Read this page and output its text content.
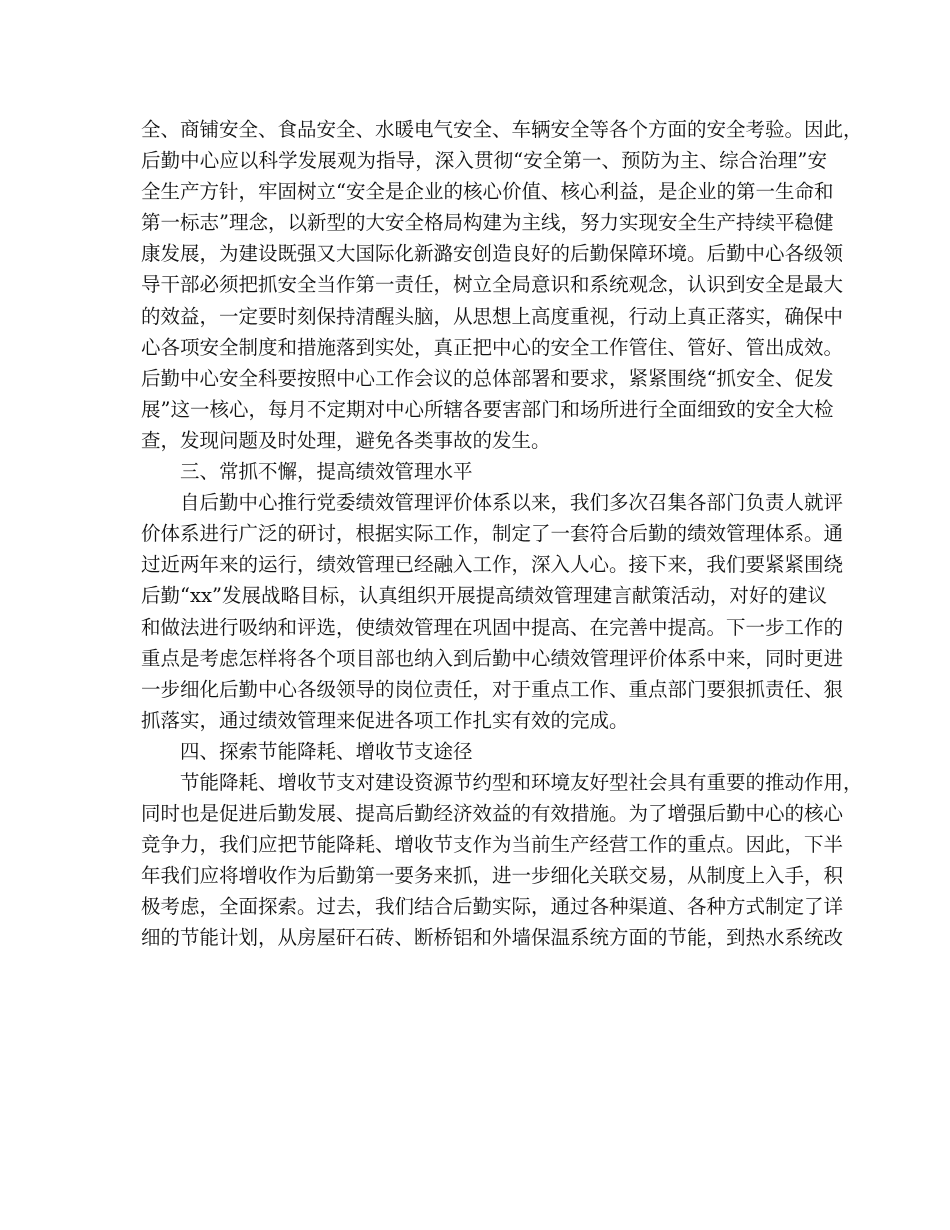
全、商铺安全、食品安全、水暖电气安全、车辆安全等各个方面的安全考验。因此，
后勤中心应以科学发展观为指导，深入贯彻“安全第一、预防为主、综合治理”安
全生产方针，牢固树立“安全是企业的核心价值、核心利益，是企业的第一生命和
第一标志”理念，以新型的大安全格局构建为主线，努力实现安全生产持续平稳健
康发展，为建设既强又大国际化新潞安创造良好的后勤保障环境。后勤中心各级领
导干部必须把抓安全当作第一责任，树立全局意识和系统观念，认识到安全是最大
的效益，一定要时刻保持清醒头脑，从思想上高度重视，行动上真正落实，确保中
心各项安全制度和措施落到实处，真正把中心的安全工作管住、管好、管出成效。
后勤中心安全科要按照中心工作会议的总体部署和要求，紧紧围绕“抓安全、促发
展”这一核心，每月不定期对中心所辖各要害部门和场所进行全面细致的安全大检
查，发现问题及时处理，避免各类事故的发生。
三、常抓不懈，提高绩效管理水平
自后勤中心推行党委绩效管理评价体系以来，我们多次召集各部门负责人就评
价体系进行广泛的研讨，根据实际工作，制定了一套符合后勤的绩效管理体系。通
过近两年来的运行，绩效管理已经融入工作，深入人心。接下来，我们要紧紧围绕
后勤“xx”发展战略目标，认真组织开展提高绩效管理建言献策活动，对好的建议
和做法进行吸纳和评选，使绩效管理在巩固中提高、在完善中提高。下一步工作的
重点是考虑怎样将各个项目部也纳入到后勤中心绩效管理评价体系中来，同时更进
一步细化后勤中心各级领导的岗位责任，对于重点工作、重点部门要狠抓责任、狠
抓落实，通过绩效管理来促进各项工作扎实有效的完成。
四、探索节能降耗、增收节支途径
节能降耗、增收节支对建设资源节约型和环境友好型社会具有重要的推动作用，
同时也是促进后勤发展、提高后勤经济效益的有效措施。为了增强后勤中心的核心
竞争力，我们应把节能降耗、增收节支作为当前生产经营工作的重点。因此，下半
年我们应将增收作为后勤第一要务来抓，进一步细化关联交易，从制度上入手，积
极考虑，全面探索。过去，我们结合后勤实际，通过各种渠道、各种方式制定了详
细的节能计划，从房屋矸石砖、断桥铝和外墙保温系统方面的节能，到热水系统改
